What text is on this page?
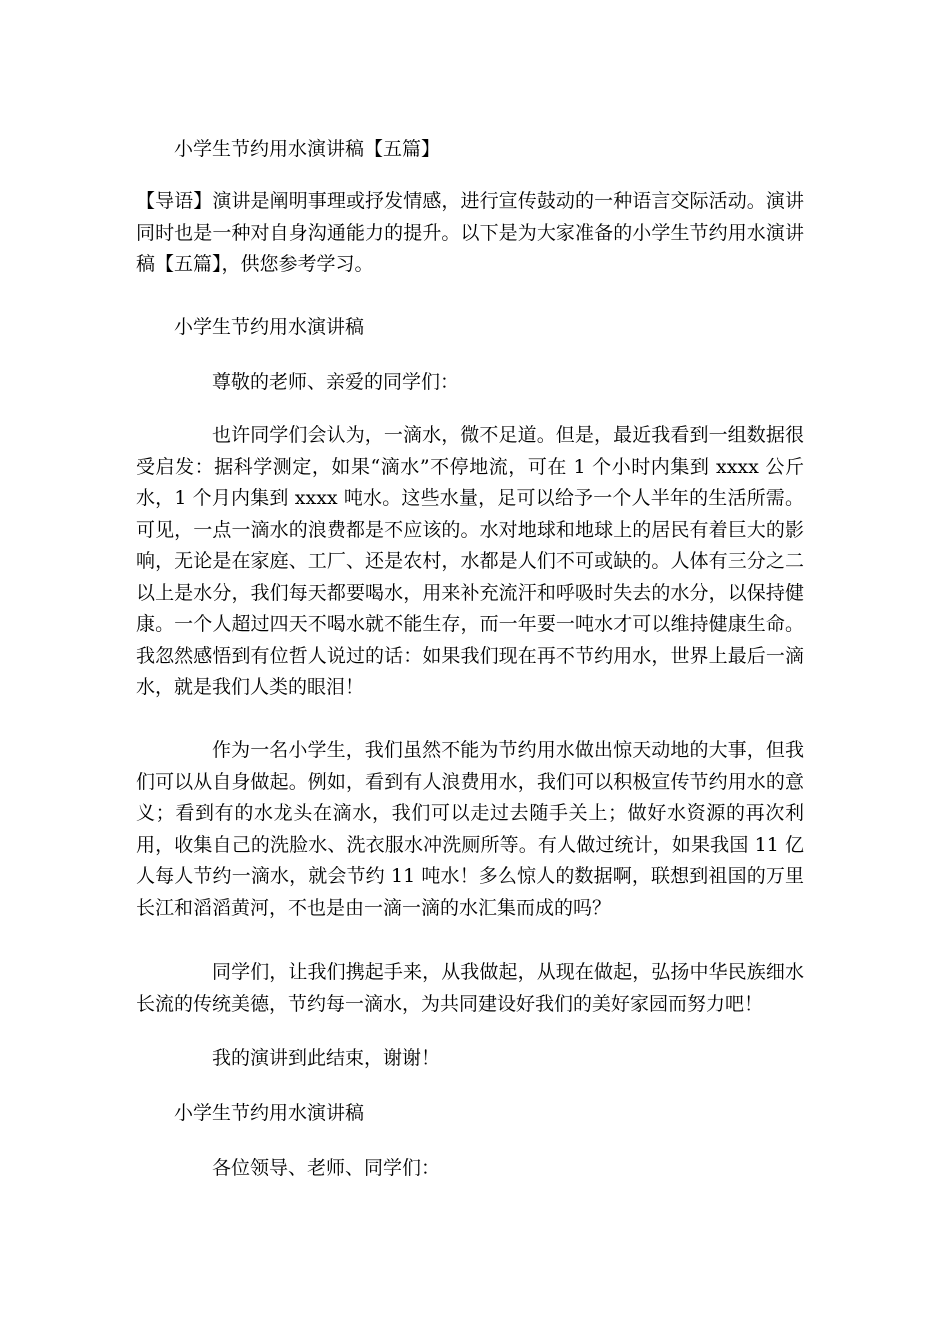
小学生节约用水演讲稿【五篇】

【导语】演讲是阐明事理或抒发情感，进行宣传鼓动的一种语言交际活动。演讲同时也是一种对自身沟通能力的提升。以下是为大家准备的小学生节约用水演讲稿【五篇】，供您参考学习。

小学生节约用水演讲稿

尊敬的老师、亲爱的同学们：

也许同学们会认为，一滴水，微不足道。但是，最近我看到一组数据很受启发：据科学测定，如果“滴水”不停地流，可在 1 个小时内集到 xxxx 公斤水，1 个月内集到 xxxx 吨水。这些水量，足可以给予一个人半年的生活所需。可见，一点一滴水的浪费都是不应该的。水对地球和地球上的居民有着巨大的影响，无论是在家庭、工厂、还是农村，水都是人们不可或缺的。人体有三分之二以上是水分，我们每天都要喝水，用来补充流汗和呼吸时失去的水分，以保持健康。一个人超过四天不喝水就不能生存，而一年要一吨水才可以维持健康生命。我忽然感悟到有位哲人说过的话：如果我们现在再不节约用水，世界上最后一滴水，就是我们人类的眼泪！

作为一名小学生，我们虽然不能为节约用水做出惊天动地的大事，但我们可以从自身做起。例如，看到有人浪费用水，我们可以积极宣传节约用水的意义；看到有的水龙头在滴水，我们可以走过去随手关上；做好水资源的再次利用，收集自己的洗脸水、洗衣服水冲洗厕所等。有人做过统计，如果我国 11 亿人每人节约一滴水，就会节约 11 吨水！多么惊人的数据啊，联想到祖国的万里长江和滔滔黄河，不也是由一滴一滴的水汇集而成的吗？

同学们，让我们携起手来，从我做起，从现在做起，弘扬中华民族细水长流的传统美德，节约每一滴水，为共同建设好我们的美好家园而努力吧！

我的演讲到此结束，谢谢！

小学生节约用水演讲稿

各位领导、老师、同学们：
